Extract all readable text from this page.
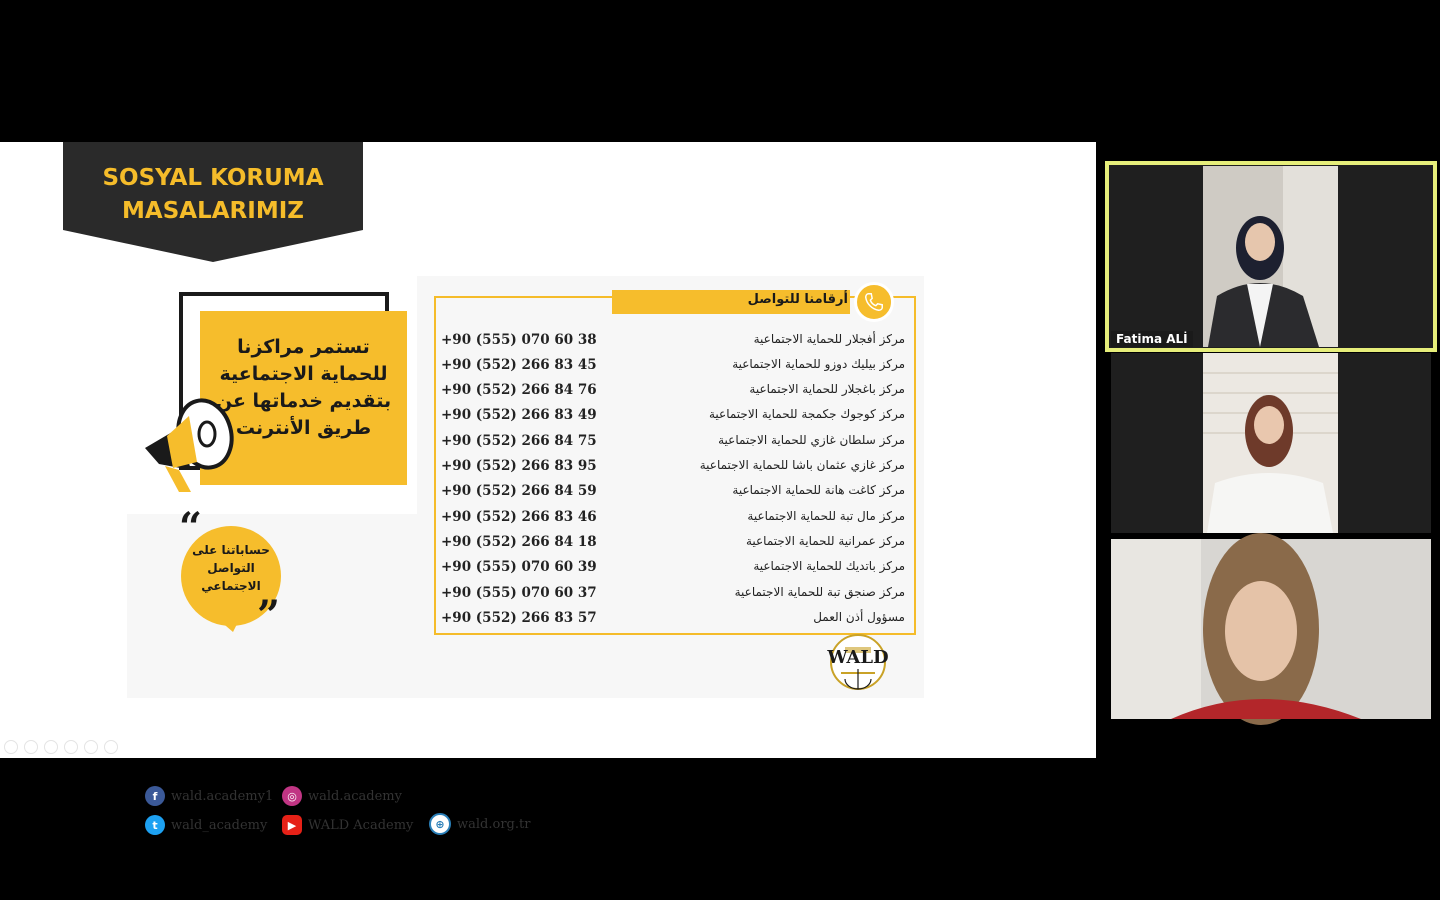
SOSYAL KORUMA
MASALARIMIZ
تستمر مراكزنا
للحماية الاجتماعية
بتقديم خدماتها عن
طريق الأنترنت
“
”
حساباتنا على
التواصل
الاجتماعي
f	wald.academy1	◎ wald.academy
t	wald_academy	▶ WALD Academy	⊕ wald.org.tr
أرقامنا للتواصل
+90 (555) 070 60 38	مركز أفجلار للحماية الاجتماعية
+90 (552) 266 83 45	مركز بيليك دوزو للحماية الاجتماعية
+90 (552) 266 84 76	مركز باغجلار للحماية الاجتماعية
+90 (552) 266 83 49	مركز كوجوك جكمجة للحماية الاجتماعية
+90 (552) 266 84 75	مركز سلطان غازي للحماية الاجتماعية
+90 (552) 266 83 95	مركز غازي عثمان باشا للحماية الاجتماعية
+90 (552) 266 84 59	مركز كاغت هانة للحماية الاجتماعية
+90 (552) 266 83 46	مركز مال تبة للحماية الاجتماعية
+90 (552) 266 84 18	مركز عمرانية للحماية الاجتماعية
+90 (555) 070 60 39	مركز باتديك للحماية الاجتماعية
+90 (555) 070 60 37	مركز صنجق تبة للحماية الاجتماعية
+90 (552) 266 83 57	مسؤول أذن العمل
WALD
Fatima ALİ
